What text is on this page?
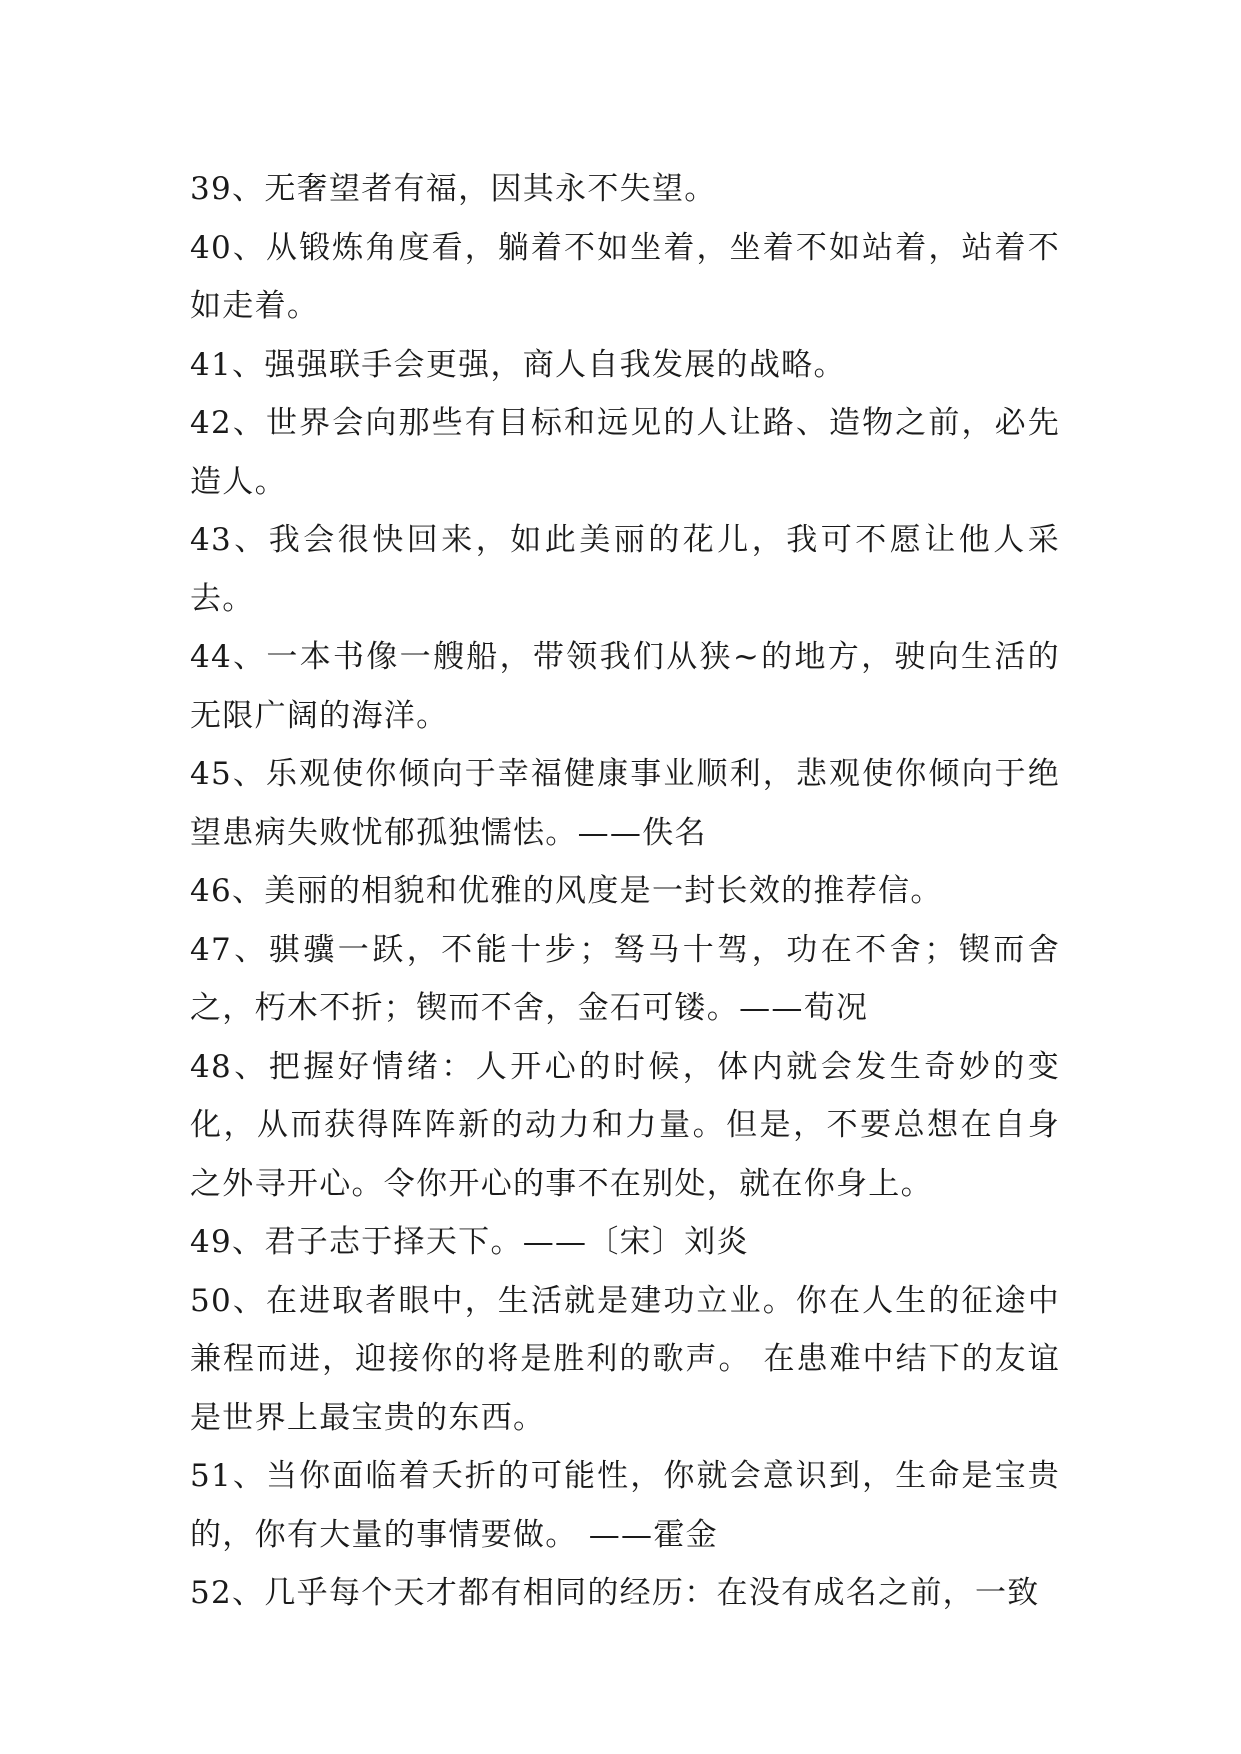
39、无奢望者有福，因其永不失望。

40、从锻炼角度看，躺着不如坐着，坐着不如站着，站着不如走着。

41、强强联手会更强，商人自我发展的战略。

42、世界会向那些有目标和远见的人让路、造物之前，必先造人。

43、我会很快回来，如此美丽的花儿，我可不愿让他人采去。

44、一本书像一艘船，带领我们从狭~的地方，驶向生活的无限广阔的海洋。

45、乐观使你倾向于幸福健康事业顺利，悲观使你倾向于绝望患病失败忧郁孤独懦怯。——佚名

46、美丽的相貌和优雅的风度是一封长效的推荐信。

47、骐骥一跃，不能十步；驽马十驾，功在不舍；锲而舍之，朽木不折；锲而不舍，金石可镂。——荀况

48、把握好情绪：人开心的时候，体内就会发生奇妙的变化，从而获得阵阵新的动力和力量。但是，不要总想在自身之外寻开心。令你开心的事不在别处，就在你身上。

49、君子志于择天下。——〔宋〕刘炎

50、在进取者眼中，生活就是建功立业。你在人生的征途中兼程而进，迎接你的将是胜利的歌声。 在患难中结下的友谊是世界上最宝贵的东西。

51、当你面临着夭折的可能性，你就会意识到，生命是宝贵的，你有大量的事情要做。 ——霍金

52、几乎每个天才都有相同的经历：在没有成名之前，一致
